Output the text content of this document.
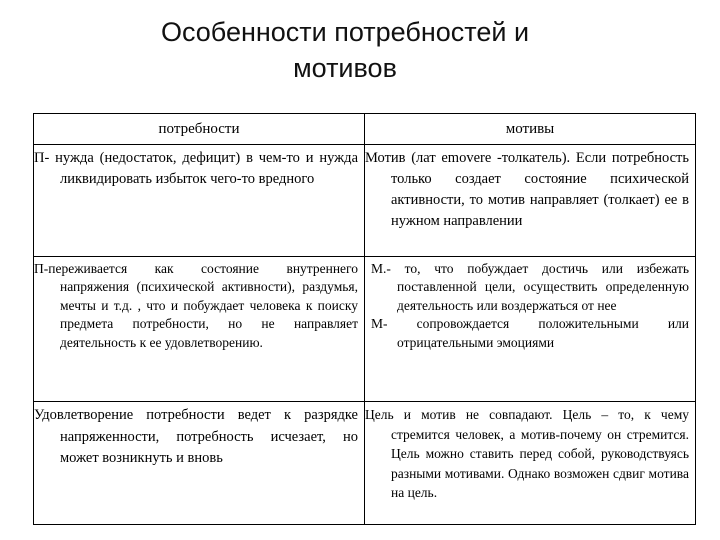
Особенности потребностей и
мотивов
потребности	мотивы

П- нужда (недостаток, дефицит) в чем-то и нужда ликвидировать избыток чего-то вредного	Мотив (лат emovere -толкатель). Если потребность только создает состояние психической активности, то мотив направляет (толкает) ее в нужном направлении

П-переживается как состояние внутреннего напряжения (психической активности), раздумья, мечты и т.д. , что и побуждает человека к поиску предмета потребности, но не направляет деятельность к ее удовлетворению.	М.- то, что побуждает достичь или избежать поставленной цели, осуществить определенную деятельность или воздержаться от нее
М- сопровождается положительными или отрицательными эмоциями

Удовлетворение потребности ведет к разрядке напряженности, потребность исчезает, но может возникнуть и вновь	Цель и мотив не совпадают. Цель – то, к чему стремится человек, а мотив-почему он стремится. Цель можно ставить перед собой, руководствуясь разными мотивами. Однако возможен сдвиг мотива на цель.
